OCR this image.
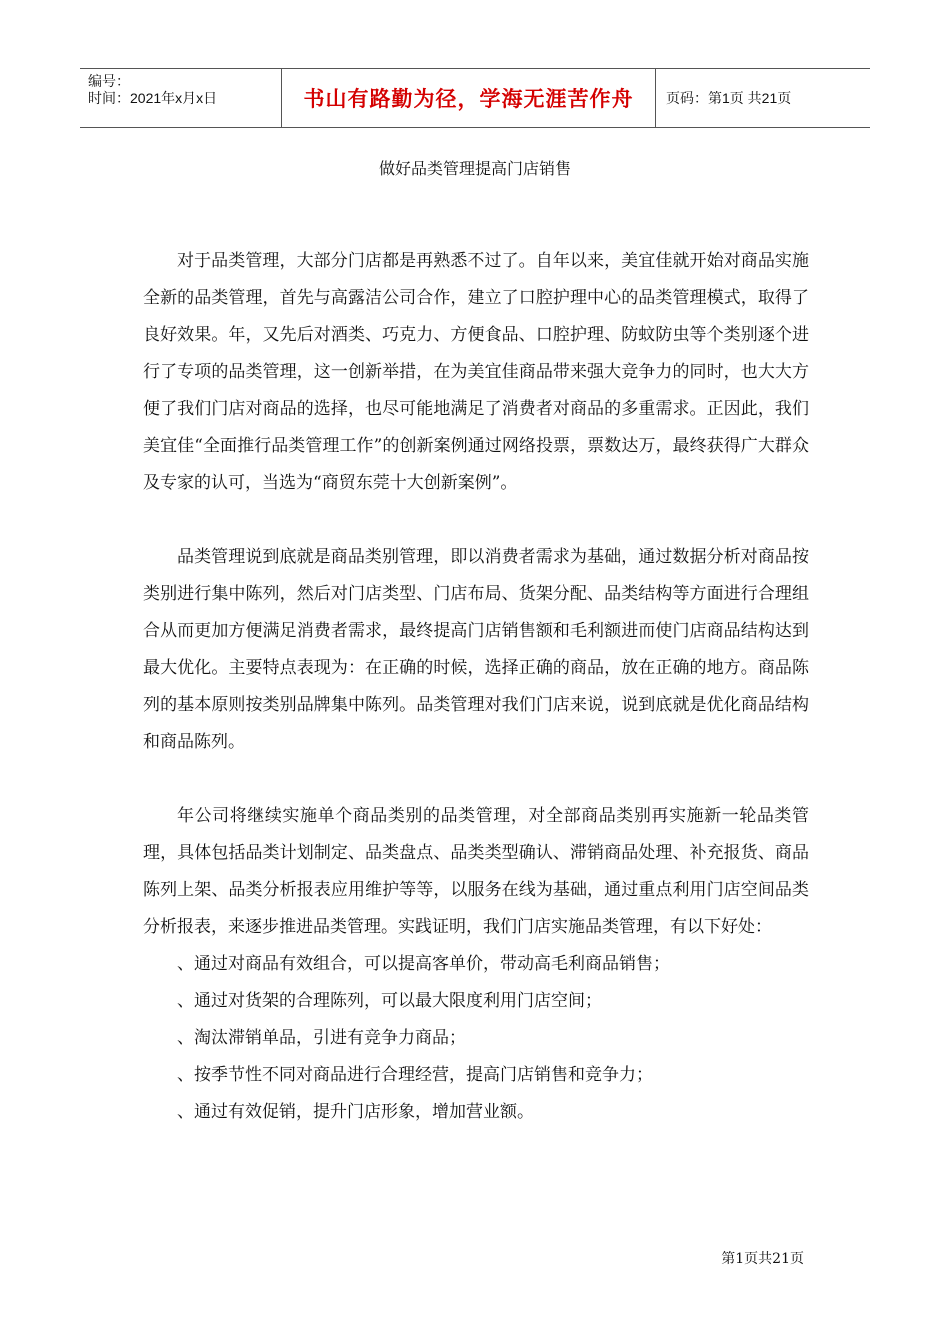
编号：
时间：2021年x月x日	书山有路勤为径，学海无涯苦作舟	页码：第1页 共21页
做好品类管理提高门店销售

对于品类管理，大部分门店都是再熟悉不过了。自年以来，美宜佳就开始对商品实施全新的品类管理，首先与高露洁公司合作，建立了口腔护理中心的品类管理模式，取得了良好效果。年，又先后对酒类、巧克力、方便食品、口腔护理、防蚊防虫等个类别逐个进行了专项的品类管理，这一创新举措，在为美宜佳商品带来强大竞争力的同时，也大大方便了我们门店对商品的选择，也尽可能地满足了消费者对商品的多重需求。正因此，我们美宜佳“全面推行品类管理工作”的创新案例通过网络投票，票数达万，最终获得广大群众及专家的认可，当选为“商贸东莞十大创新案例”。

品类管理说到底就是商品类别管理，即以消费者需求为基础，通过数据分析对商品按类别进行集中陈列，然后对门店类型、门店布局、货架分配、品类结构等方面进行合理组合从而更加方便满足消费者需求，最终提高门店销售额和毛利额进而使门店商品结构达到最大优化。主要特点表现为：在正确的时候，选择正确的商品，放在正确的地方。商品陈列的基本原则按类别品牌集中陈列。品类管理对我们门店来说，说到底就是优化商品结构和商品陈列。

年公司将继续实施单个商品类别的品类管理，对全部商品类别再实施新一轮品类管理，具体包括品类计划制定、品类盘点、品类类型确认、滞销商品处理、补充报货、商品陈列上架、品类分析报表应用维护等等，以服务在线为基础，通过重点利用门店空间品类分析报表，来逐步推进品类管理。实践证明，我们门店实施品类管理，有以下好处：

、通过对商品有效组合，可以提高客单价，带动高毛利商品销售；
、通过对货架的合理陈列，可以最大限度利用门店空间；
、淘汰滞销单品，引进有竞争力商品；
、按季节性不同对商品进行合理经营，提高门店销售和竞争力；
、通过有效促销，提升门店形象，增加营业额。
第1页共21页
